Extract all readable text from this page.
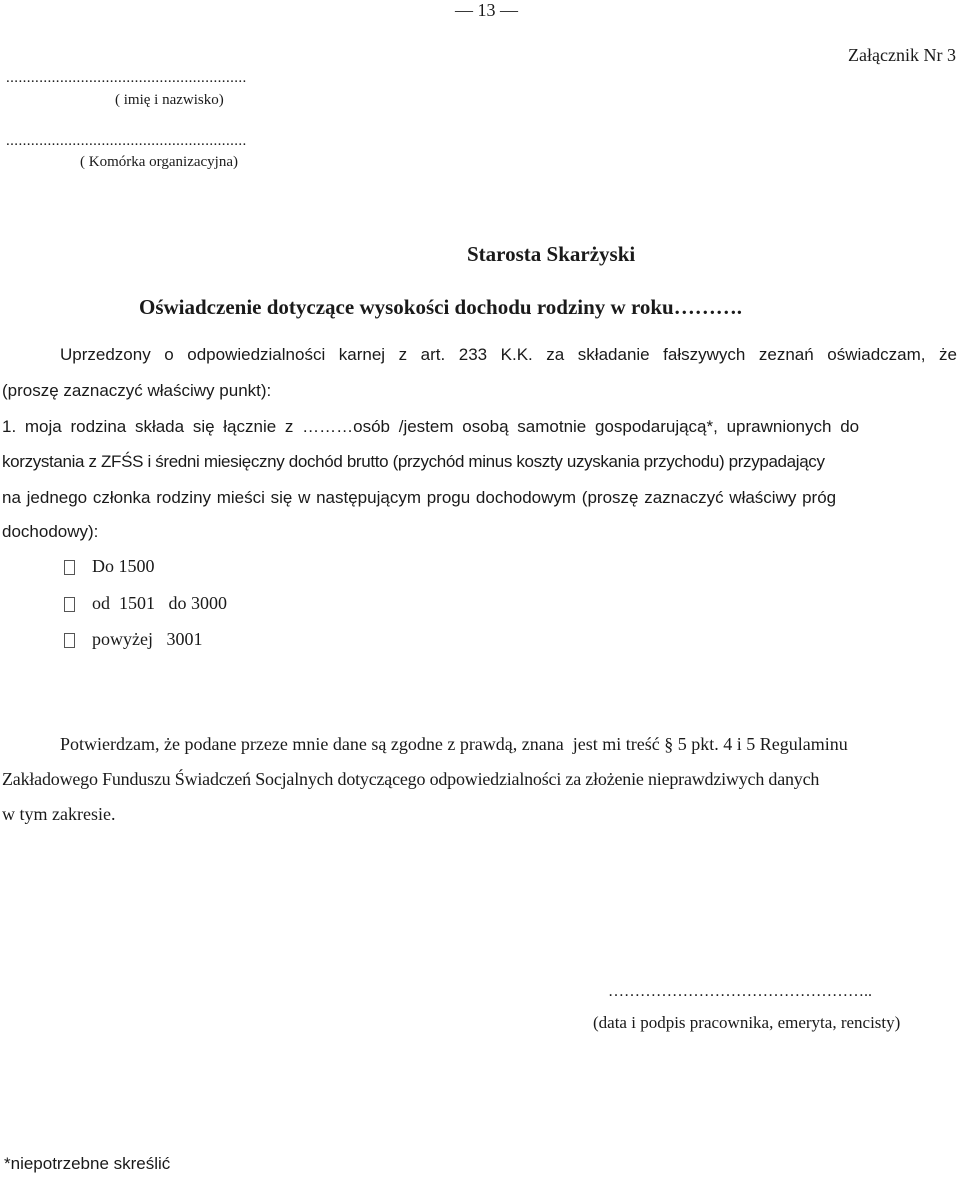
— 13 —
Załącznik Nr 3
..........................................................
( imię i nazwisko)
..........................................................
( Komórka organizacyjna)
Starosta Skarżyski
Oświadczenie dotyczące wysokości dochodu rodziny w roku……….
Uprzedzony o odpowiedzialności karnej z art. 233 K.K. za składanie fałszywych zeznań oświadczam, że
(proszę zaznaczyć właściwy punkt):
1. moja rodzina składa się łącznie z ………osób /jestem osobą samotnie gospodarującą*, uprawnionych do
korzystania z ZFŚS i średni miesięczny dochód brutto (przychód minus koszty uzyskania przychodu) przypadający
na jednego członka rodziny mieści się w następującym progu dochodowym (proszę zaznaczyć właściwy próg
dochodowy):
Do 1500
od  1501   do 3000
powyżej   3001
Potwierdzam, że podane przeze mnie dane są zgodne z prawdą, znana  jest mi treść § 5 pkt. 4 i 5 Regulaminu
Zakładowego Funduszu Świadczeń Socjalnych dotyczącego odpowiedzialności za złożenie nieprawdziwych danych
w tym zakresie.
…………………………………………..
(data i podpis pracownika, emeryta, rencisty)
*niepotrzebne skreślić
